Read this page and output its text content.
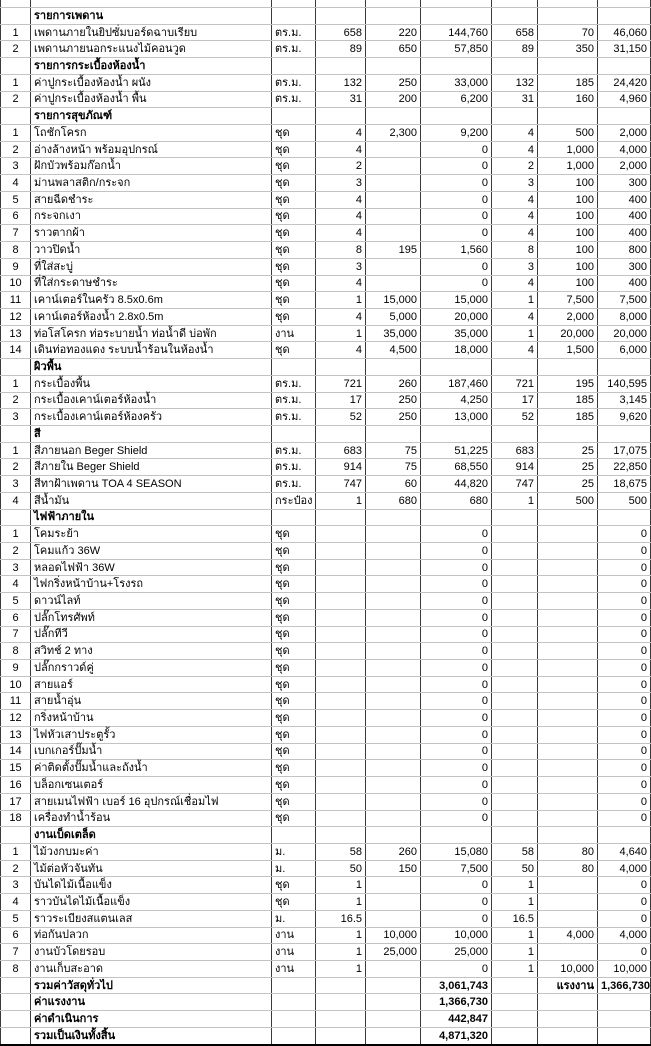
	รายการเพดาน							
1	เพดานภายในยิปซั่มบอร์ดฉาบเรียบ	ตร.ม.	658	220	144,760	658	70	46,060
2	เพดานภายนอกระแนงไม้คอนวูด	ตร.ม.	89	650	57,850	89	350	31,150
	รายการกระเบื้องห้องน้ำ							
1	ค่าปูกระเบื้องห้องน้ำ ผนัง	ตร.ม.	132	250	33,000	132	185	24,420
2	ค่าปูกระเบื้องห้องน้ำ พื้น	ตร.ม.	31	200	6,200	31	160	4,960
	รายการสุขภัณฑ์							
1	โถชักโครก	ชุด	4	2,300	9,200	4	500	2,000
2	อ่างล้างหน้า พร้อมอุปกรณ์	ชุด	4		0	4	1,000	4,000
3	ฝักบัวพร้อมก๊อกน้ำ	ชุด	2		0	2	1,000	2,000
4	ม่านพลาสติก/กระจก	ชุด	3		0	3	100	300
5	สายฉีดชำระ	ชุด	4		0	4	100	400
6	กระจกเงา	ชุด	4		0	4	100	400
7	ราวตากผ้า	ชุด	4		0	4	100	400
8	วาวปิดน้ำ	ชุด	8	195	1,560	8	100	800
9	ที่ใส่สะบู่	ชุด	3		0	3	100	300
10	ที่ใส่กระดาษชำระ	ชุด	4		0	4	100	400
11	เคาน์เตอร์ในครัว 8.5x0.6m	ชุด	1	15,000	15,000	1	7,500	7,500
12	เคาน์เตอร์ห้องน้ำ 2.8x0.5m	ชุด	4	5,000	20,000	4	2,000	8,000
13	ท่อโสโครก ท่อระบายน้ำ ท่อน้ำดี บ่อพัก	งาน	1	35,000	35,000	1	20,000	20,000
14	เดินท่อทองแดง ระบบน้ำร้อนในห้องน้ำ	ชุด	4	4,500	18,000	4	1,500	6,000
	ผิวพื้น							
1	กระเบื้องพื้น	ตร.ม.	721	260	187,460	721	195	140,595
2	กระเบื้องเคาน์เตอร์ห้องน้ำ	ตร.ม.	17	250	4,250	17	185	3,145
3	กระเบื้องเคาน์เตอร์ห้องครัว	ตร.ม.	52	250	13,000	52	185	9,620
	สี							
1	สีภายนอก Beger Shield	ตร.ม.	683	75	51,225	683	25	17,075
2	สีภายใน Beger Shield	ตร.ม.	914	75	68,550	914	25	22,850
3	สีทาฝ้าเพดาน TOA 4 SEASON	ตร.ม.	747	60	44,820	747	25	18,675
4	สีน้ำมัน	กระป๋อง	1	680	680	1	500	500
	ไฟฟ้าภายใน							
1	โคมระย้า	ชุด			0			0
2	โคมแก้ว 36W	ชุด			0			0
3	หลอดไฟฟ้า 36W	ชุด			0			0
4	ไฟกริ่งหน้าบ้าน+โรงรถ	ชุด			0			0
5	ดาวน์ไลท์	ชุด			0			0
6	ปลั๊กโทรศัพท์	ชุด			0			0
7	ปลั๊กทีวี	ชุด			0			0
8	สวิทช์ 2 ทาง	ชุด			0			0
9	ปลั๊กกราวด์คู่	ชุด			0			0
10	สายแอร์	ชุด			0			0
11	สายน้ำอุ่น	ชุด			0			0
12	กริ่งหน้าบ้าน	ชุด			0			0
13	ไฟหัวเสาประตูรั้ว	ชุด			0			0
14	เบกเกอร์ปั๊มน้ำ	ชุด			0			0
15	ค่าติดตั้งปั๊มน้ำและถังน้ำ	ชุด			0			0
16	บล็อกเซนเตอร์	ชุด			0			0
17	สายเมนไฟฟ้า เบอร์ 16 อุปกรณ์เชื่อมไฟ	ชุด			0			0
18	เครื่องทำน้ำร้อน	ชุด			0			0
	งานเบ็ดเตล็ด							
1	ไม้วงกบมะค่า	ม.	58	260	15,080	58	80	4,640
2	ไม้ต่อหัวจันทัน	ม.	50	150	7,500	50	80	4,000
3	บันไดไม้เนื้อแข็ง	ชุด	1		0	1		0
4	ราวบันไดไม้เนื้อแข็ง	ชุด	1		0	1		0
5	ราวระเบียงสแตนเลส	ม.	16.5		0	16.5		0
6	ท่อกันปลวก	งาน	1	10,000	10,000	1	4,000	4,000
7	งานบัวโดยรอบ	งาน	1	25,000	25,000	1		0
8	งานเก็บสะอาด	งาน	1		0	1	10,000	10,000
	รวมค่าวัสดุทั่วไป				3,061,743		แรงงาน	1,366,730
	ค่าแรงงาน				1,366,730			
	ค่าดำเนินการ				442,847			
	รวมเป็นเงินทั้งสิ้น				4,871,320			
